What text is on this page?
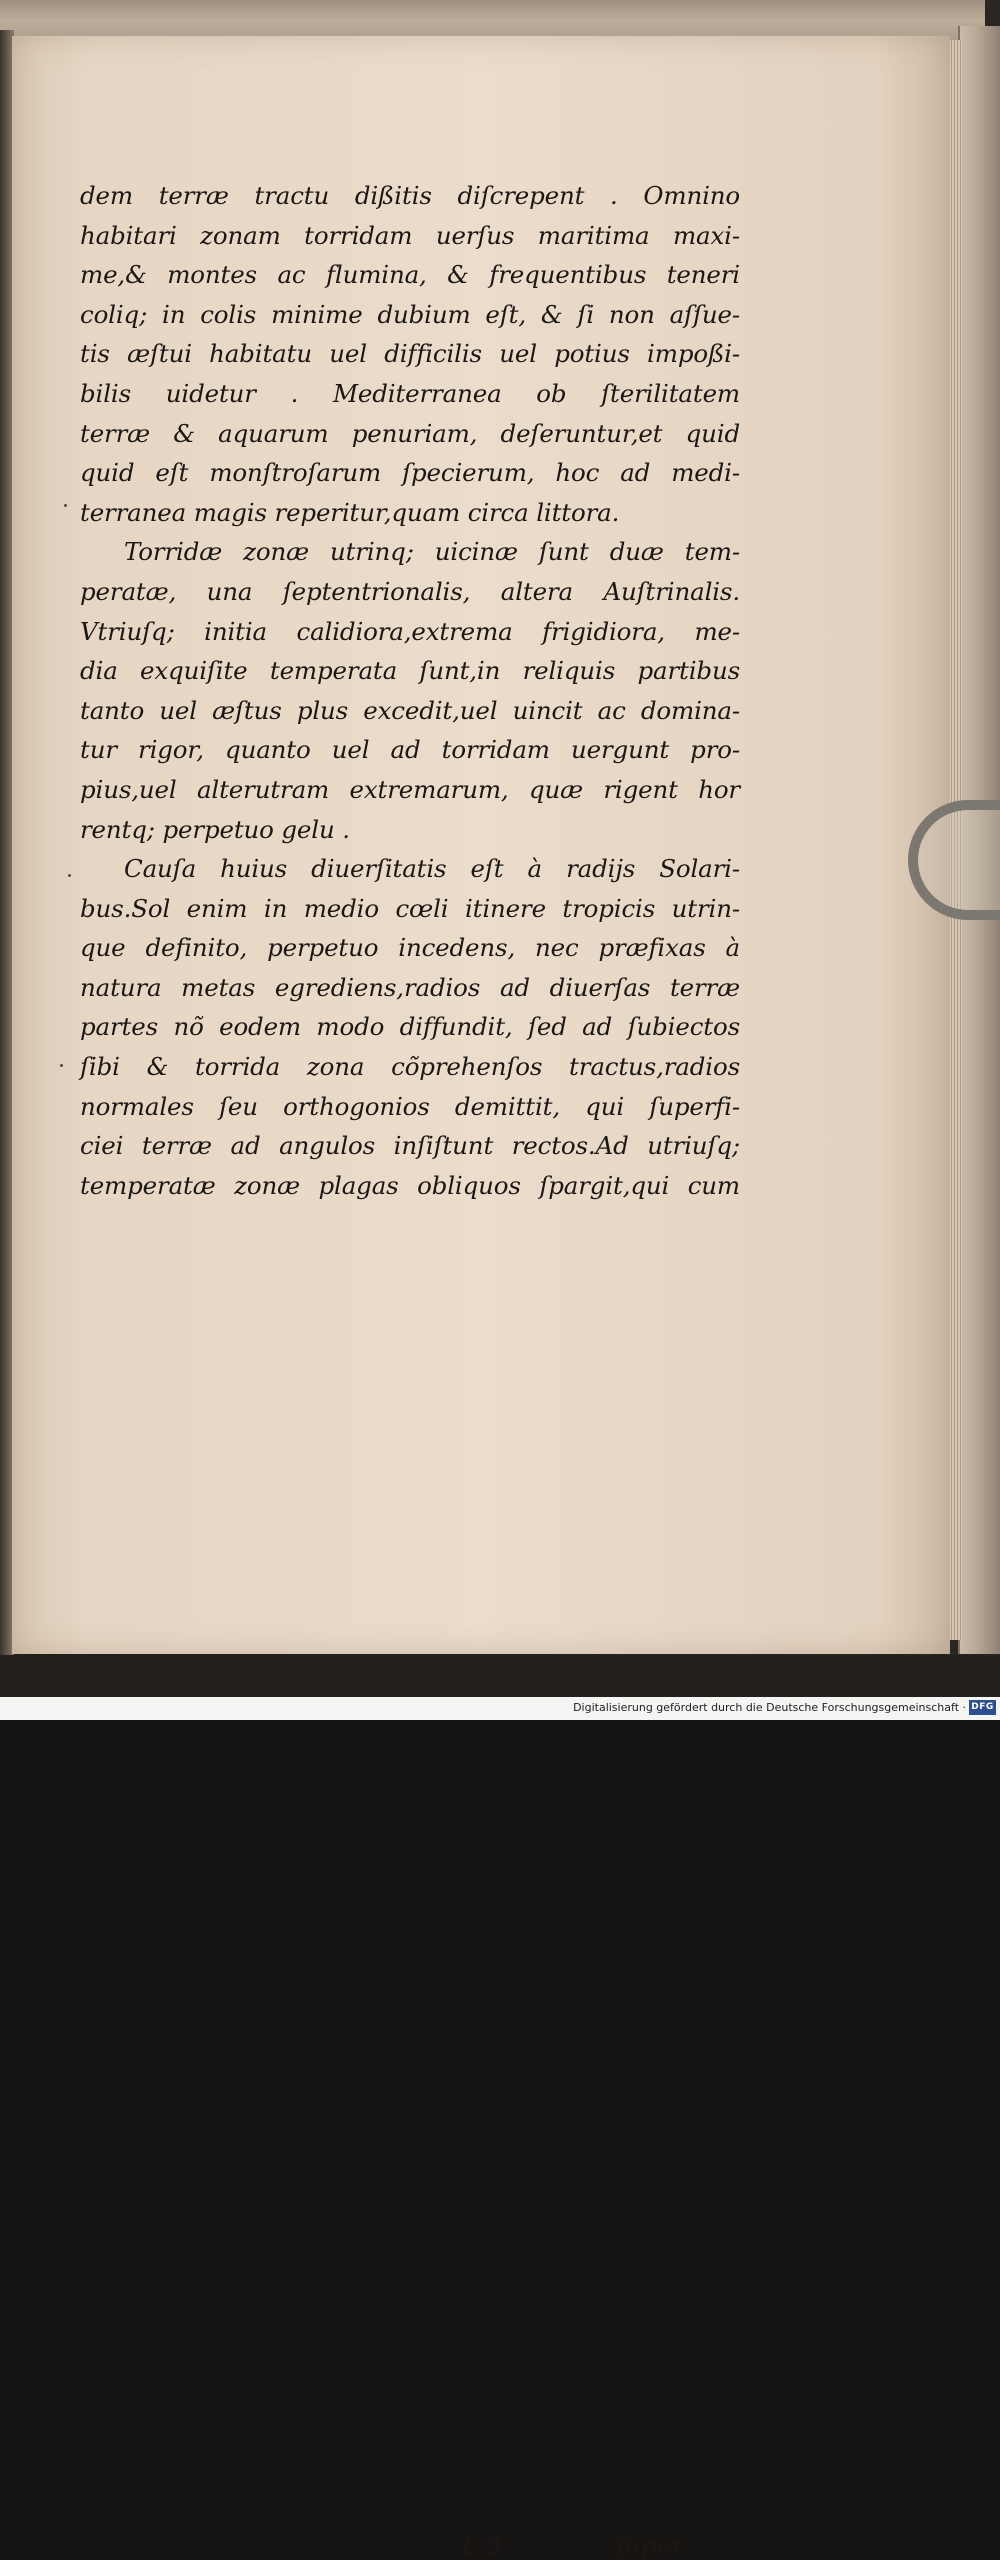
dem terræ tractu dißitis diſcrepent . Omnino
habitari zonam torridam uerſus maritima maxi-
me,& montes ac flumina, & frequentibus teneri
coliq; in colis minime dubium eſt, & ſi non aſſue-
tis æſtui habitatu uel difficilis uel potius impoßi-
bilis uidetur . Mediterranea ob ſterilitatem
terræ & aquarum penuriam, deſeruntur,et quid
quid eſt monſtroſarum ſpecierum, hoc ad medi-
terranea magis reperitur,quam circa littora.
Torridæ zonæ utrinq; uicinæ ſunt duæ tem-
peratæ, una ſeptentrionalis, altera Auſtrinalis.
Vtriuſq; initia calidiora,extrema frigidiora, me-
dia exquiſite temperata ſunt,in reliquis partibus
tanto uel æſtus plus excedit,uel uincit ac domina-
tur rigor, quanto uel ad torridam uergunt pro-
pius,uel alterutram extremarum, quæ rigent hor
rentq; perpetuo gelu .
Cauſa huius diuerſitatis eſt à radijs Solari-
bus.Sol enim in medio cœli itinere tropicis utrin-
que definito, perpetuo incedens, nec præfixas à
natura metas egrediens,radios ad diuerſas terræ
partes nõ eodem modo diffundit, ſed ad ſubiectos
ſibi & torrida zona cõprehenſos tractus,radios
normales ſeu orthogonios demittit, qui ſuperfi-
ciei terræ ad angulos inſiſtunt rectos.Ad utriuſq;
temperatæ zonæ plagas obliquos ſpargit,qui cum
L 3	ſuper-
Digitalisierung gefördert durch die Deutsche Forschungsgemeinschaft · DFG
